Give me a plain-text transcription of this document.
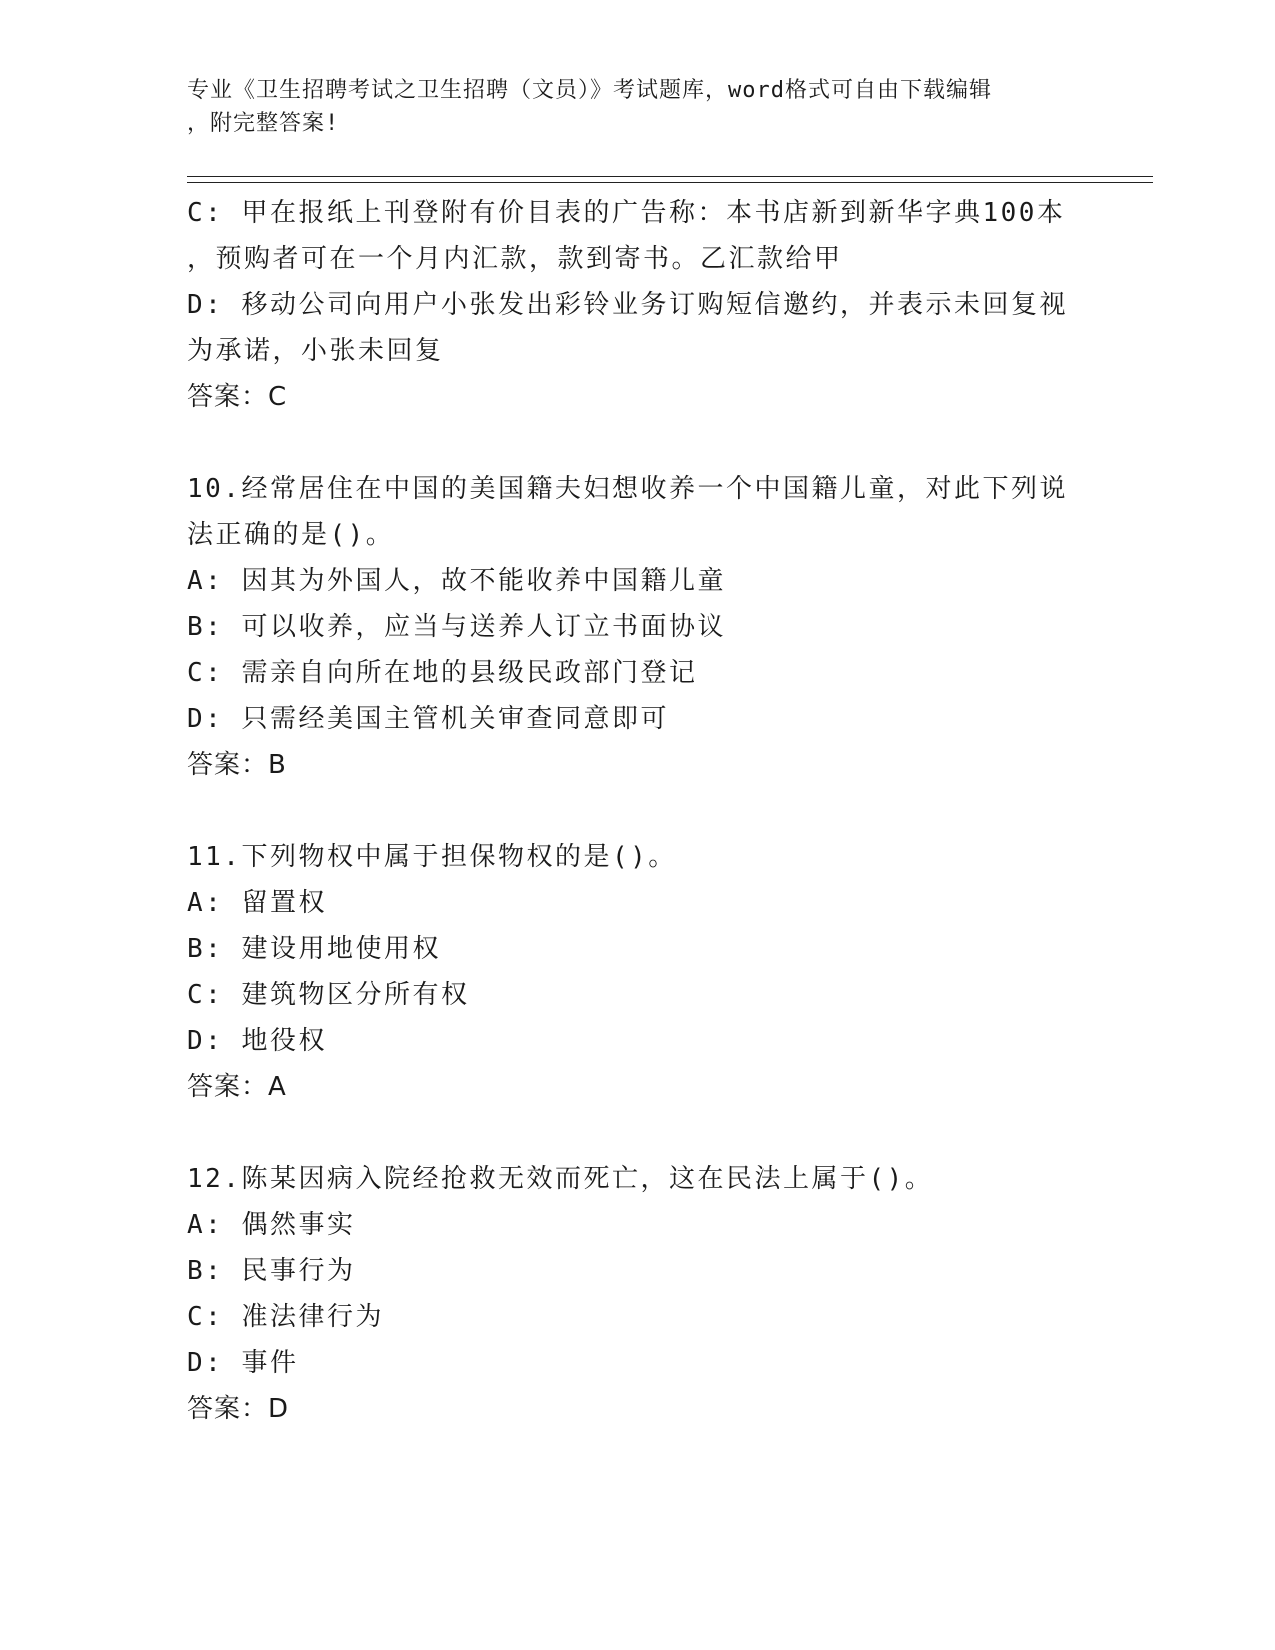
专业《卫生招聘考试之卫生招聘（文员）》考试题库，word格式可自由下载编辑
，附完整答案!
C: 甲在报纸上刊登附有价目表的广告称：本书店新到新华字典100本
，预购者可在一个月内汇款，款到寄书。乙汇款给甲
D: 移动公司向用户小张发出彩铃业务订购短信邀约，并表示未回复视
为承诺，小张未回复
答案：C
10.经常居住在中国的美国籍夫妇想收养一个中国籍儿童，对此下列说
法正确的是()。
A: 因其为外国人，故不能收养中国籍儿童
B: 可以收养，应当与送养人订立书面协议
C: 需亲自向所在地的县级民政部门登记
D: 只需经美国主管机关审查同意即可
答案：B
11.下列物权中属于担保物权的是()。
A: 留置权
B: 建设用地使用权
C: 建筑物区分所有权
D: 地役权
答案：A
12.陈某因病入院经抢救无效而死亡，这在民法上属于()。
A: 偶然事实
B: 民事行为
C: 准法律行为
D: 事件
答案：D
